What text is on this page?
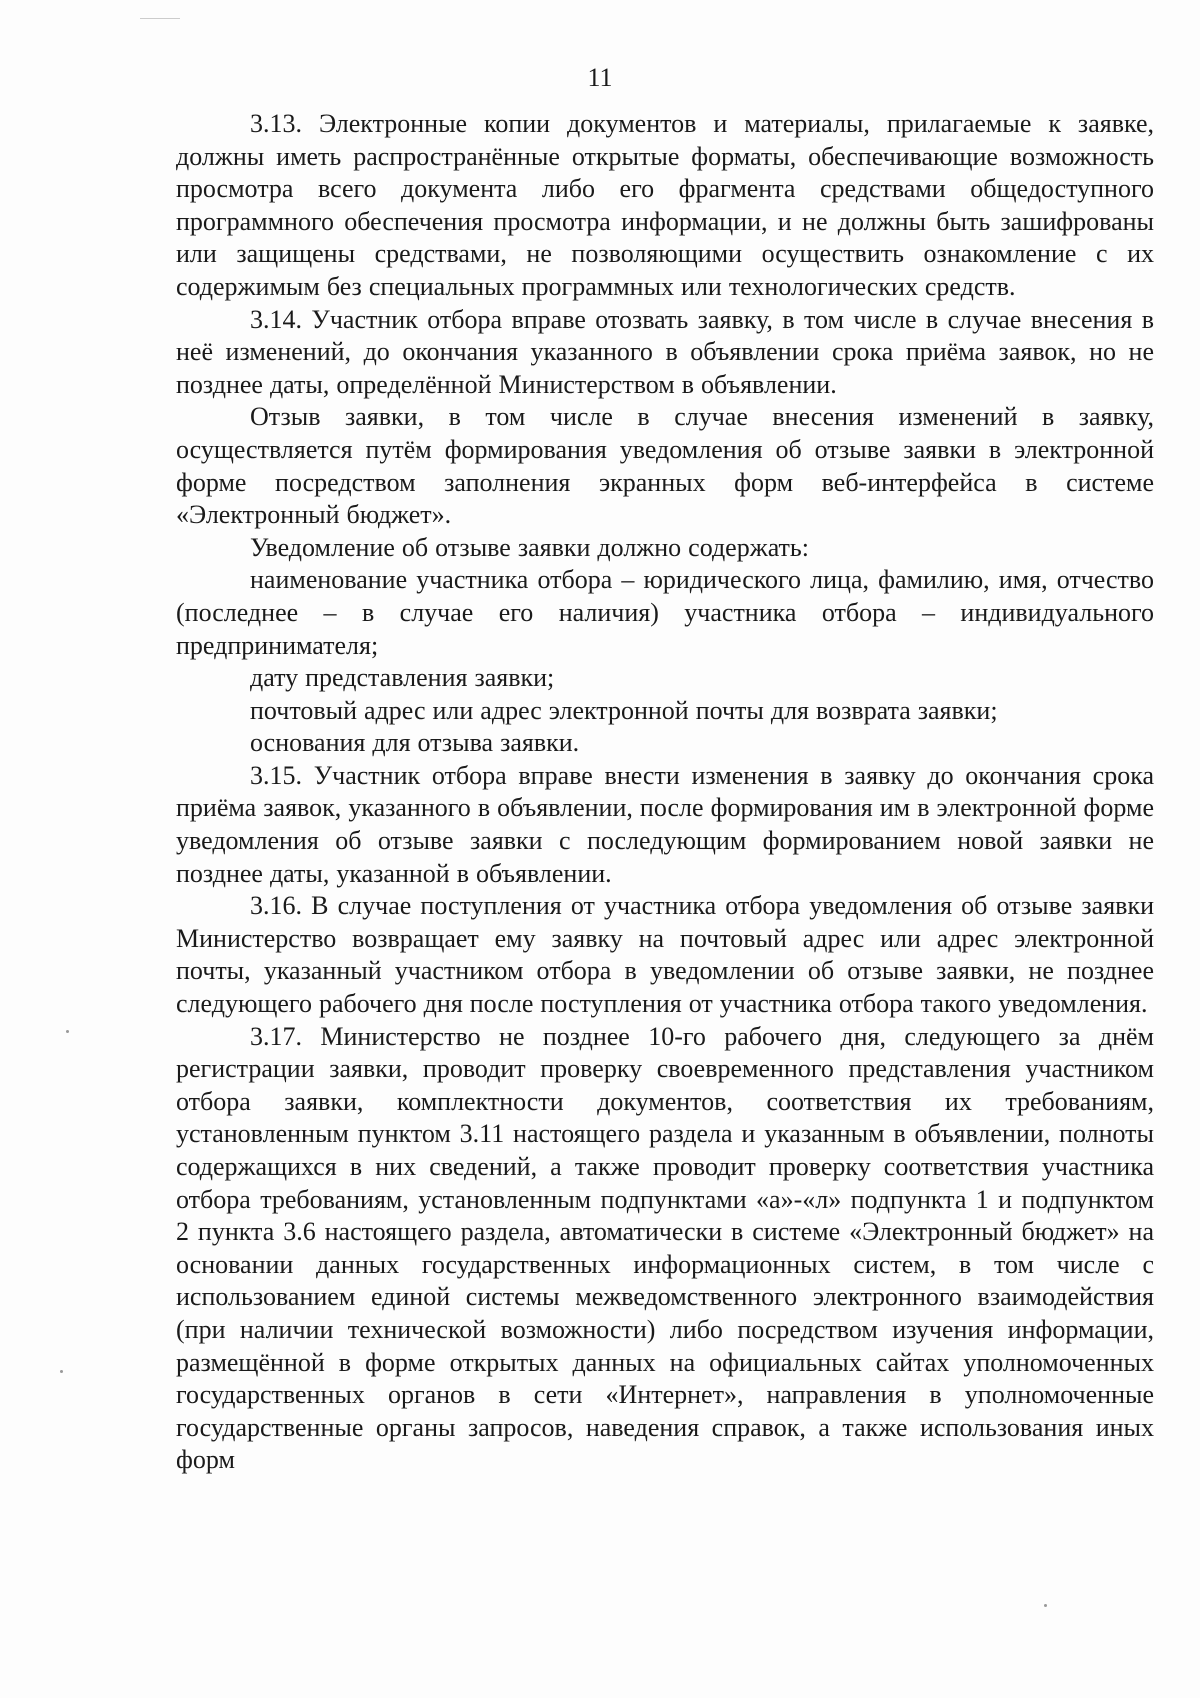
11

3.13. Электронные копии документов и материалы, прилагаемые к заявке, должны иметь распространённые открытые форматы, обеспечивающие возможность просмотра всего документа либо его фрагмента средствами общедоступного программного обеспечения просмотра информации, и не должны быть зашифрованы или защищены средствами, не позволяющими осуществить ознакомление с их содержимым без специальных программных или технологических средств.

3.14. Участник отбора вправе отозвать заявку, в том числе в случае внесения в неё изменений, до окончания указанного в объявлении срока приёма заявок, но не позднее даты, определённой Министерством в объявлении.

Отзыв заявки, в том числе в случае внесения изменений в заявку, осуществляется путём формирования уведомления об отзыве заявки в электронной форме посредством заполнения экранных форм веб-интерфейса в системе «Электронный бюджет».

Уведомление об отзыве заявки должно содержать:

наименование участника отбора – юридического лица, фамилию, имя, отчество (последнее – в случае его наличия) участника отбора – индивидуального предпринимателя;

дату представления заявки;

почтовый адрес или адрес электронной почты для возврата заявки;

основания для отзыва заявки.

3.15. Участник отбора вправе внести изменения в заявку до окончания срока приёма заявок, указанного в объявлении, после формирования им в электронной форме уведомления об отзыве заявки с последующим формированием новой заявки не позднее даты, указанной в объявлении.

3.16. В случае поступления от участника отбора уведомления об отзыве заявки Министерство возвращает ему заявку на почтовый адрес или адрес электронной почты, указанный участником отбора в уведомлении об отзыве заявки, не позднее следующего рабочего дня после поступления от участника отбора такого уведомления.

3.17. Министерство не позднее 10-го рабочего дня, следующего за днём регистрации заявки, проводит проверку своевременного представления участником отбора заявки, комплектности документов, соответствия их требованиям, установленным пунктом 3.11 настоящего раздела и указанным в объявлении, полноты содержащихся в них сведений, а также проводит проверку соответствия участника отбора требованиям, установленным подпунктами «а»-«л» подпункта 1 и подпунктом 2 пункта 3.6 настоящего раздела, автоматически в системе «Электронный бюджет» на основании данных государственных информационных систем, в том числе с использованием единой системы межведомственного электронного взаимодействия (при наличии технической возможности) либо посредством изучения информации, размещённой в форме открытых данных на официальных сайтах уполномоченных государственных органов в сети «Интернет», направления в уполномоченные государственные органы запросов, наведения справок, а также использования иных форм
